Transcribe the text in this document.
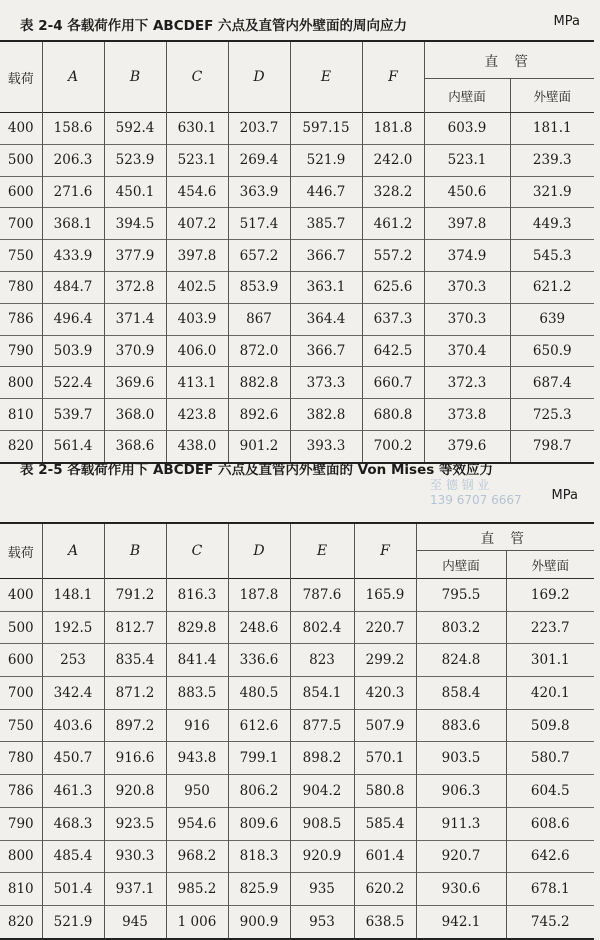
表 2-4 各载荷作用下 ABCDEF 六点及直管内外壁面的周向应力	MPa
载荷	A	B	C	D	E	F	直 管	
							内壁面	外壁面
400	158.6	592.4	630.1	203.7	597.15	181.8	603.9	181.1
500	206.3	523.9	523.1	269.4	521.9	242.0	523.1	239.3
600	271.6	450.1	454.6	363.9	446.7	328.2	450.6	321.9
700	368.1	394.5	407.2	517.4	385.7	461.2	397.8	449.3
750	433.9	377.9	397.8	657.2	366.7	557.2	374.9	545.3
780	484.7	372.8	402.5	853.9	363.1	625.6	370.3	621.2
786	496.4	371.4	403.9	867	364.4	637.3	370.3	639
790	503.9	370.9	406.0	872.0	366.7	642.5	370.4	650.9
800	522.4	369.6	413.1	882.8	373.3	660.7	372.3	687.4
810	539.7	368.0	423.8	892.6	382.8	680.8	373.8	725.3
820	561.4	368.6	438.0	901.2	393.3	700.2	379.6	798.7
表 2-5 各载荷作用下 ABCDEF 六点及直管内外壁面的 Von Mises 等效应力
至 德 钢 业
139 6707 6667 MPa
载荷	A	B	C	D	E	F	直 管	
							内壁面	外壁面
400	148.1	791.2	816.3	187.8	787.6	165.9	795.5	169.2
500	192.5	812.7	829.8	248.6	802.4	220.7	803.2	223.7
600	253	835.4	841.4	336.6	823	299.2	824.8	301.1
700	342.4	871.2	883.5	480.5	854.1	420.3	858.4	420.1
750	403.6	897.2	916	612.6	877.5	507.9	883.6	509.8
780	450.7	916.6	943.8	799.1	898.2	570.1	903.5	580.7
786	461.3	920.8	950	806.2	904.2	580.8	906.3	604.5
790	468.3	923.5	954.6	809.6	908.5	585.4	911.3	608.6
800	485.4	930.3	968.2	818.3	920.9	601.4	920.7	642.6
810	501.4	937.1	985.2	825.9	935	620.2	930.6	678.1
820	521.9	945	1 006	900.9	953	638.5	942.1	745.2
